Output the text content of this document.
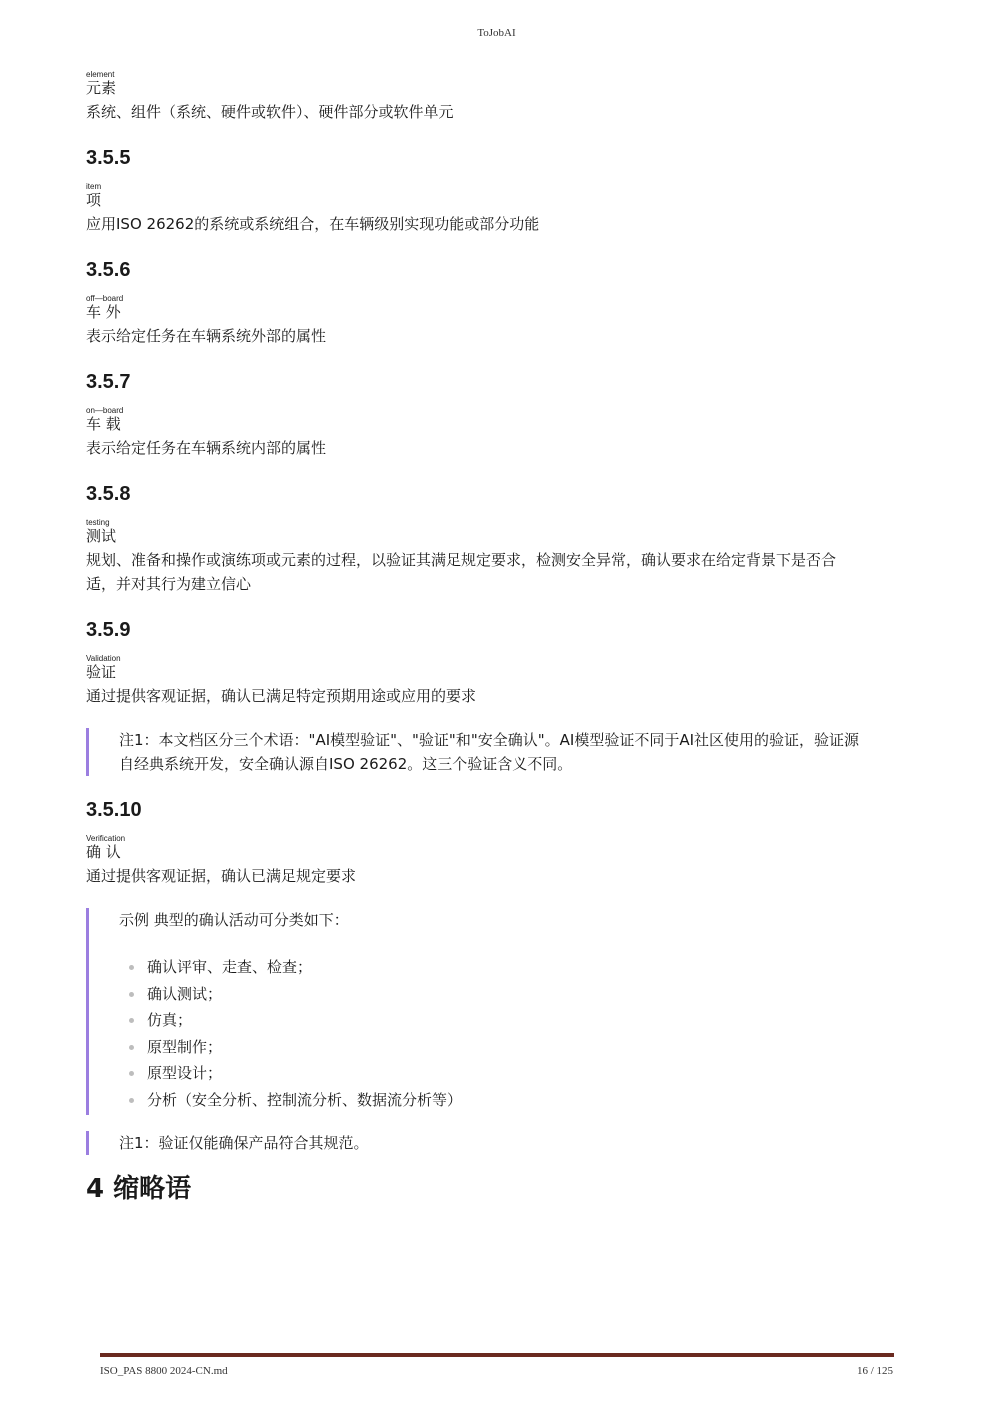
ToJobAI

element

元素

系统、组件（系统、硬件或软件）、硬件部分或软件单元

3.5.5

item

项

应用ISO 26262的系统或系统组合，在车辆级别实现功能或部分功能

3.5.6

off—board

车 外

表示给定任务在车辆系统外部的属性

3.5.7

on—board

车 载

表示给定任务在车辆系统内部的属性

3.5.8

testing

测试

规划、准备和操作或演练项或元素的过程，以验证其满足规定要求，检测安全异常，确认要求在给定背景下是否合

适，并对其行为建立信心

3.5.9

Validation

验证

通过提供客观证据，确认已满足特定预期用途或应用的要求

注1：本文档区分三个术语："AI模型验证"、"验证"和"安全确认"。AI模型验证不同于AI社区使用的验证，验证源

自经典系统开发，安全确认源自ISO 26262。这三个验证含义不同。

3.5.10

Verification

确 认

通过提供客观证据，确认已满足规定要求

示例 典型的确认活动可分类如下：

确认评审、走查、检查；
确认测试；
仿真；
原型制作；
原型设计；
分析（安全分析、控制流分析、数据流分析等）

注1：验证仅能确保产品符合其规范。

4 缩略语
ISO_PAS 8800 2024-CN.md	16 / 125
